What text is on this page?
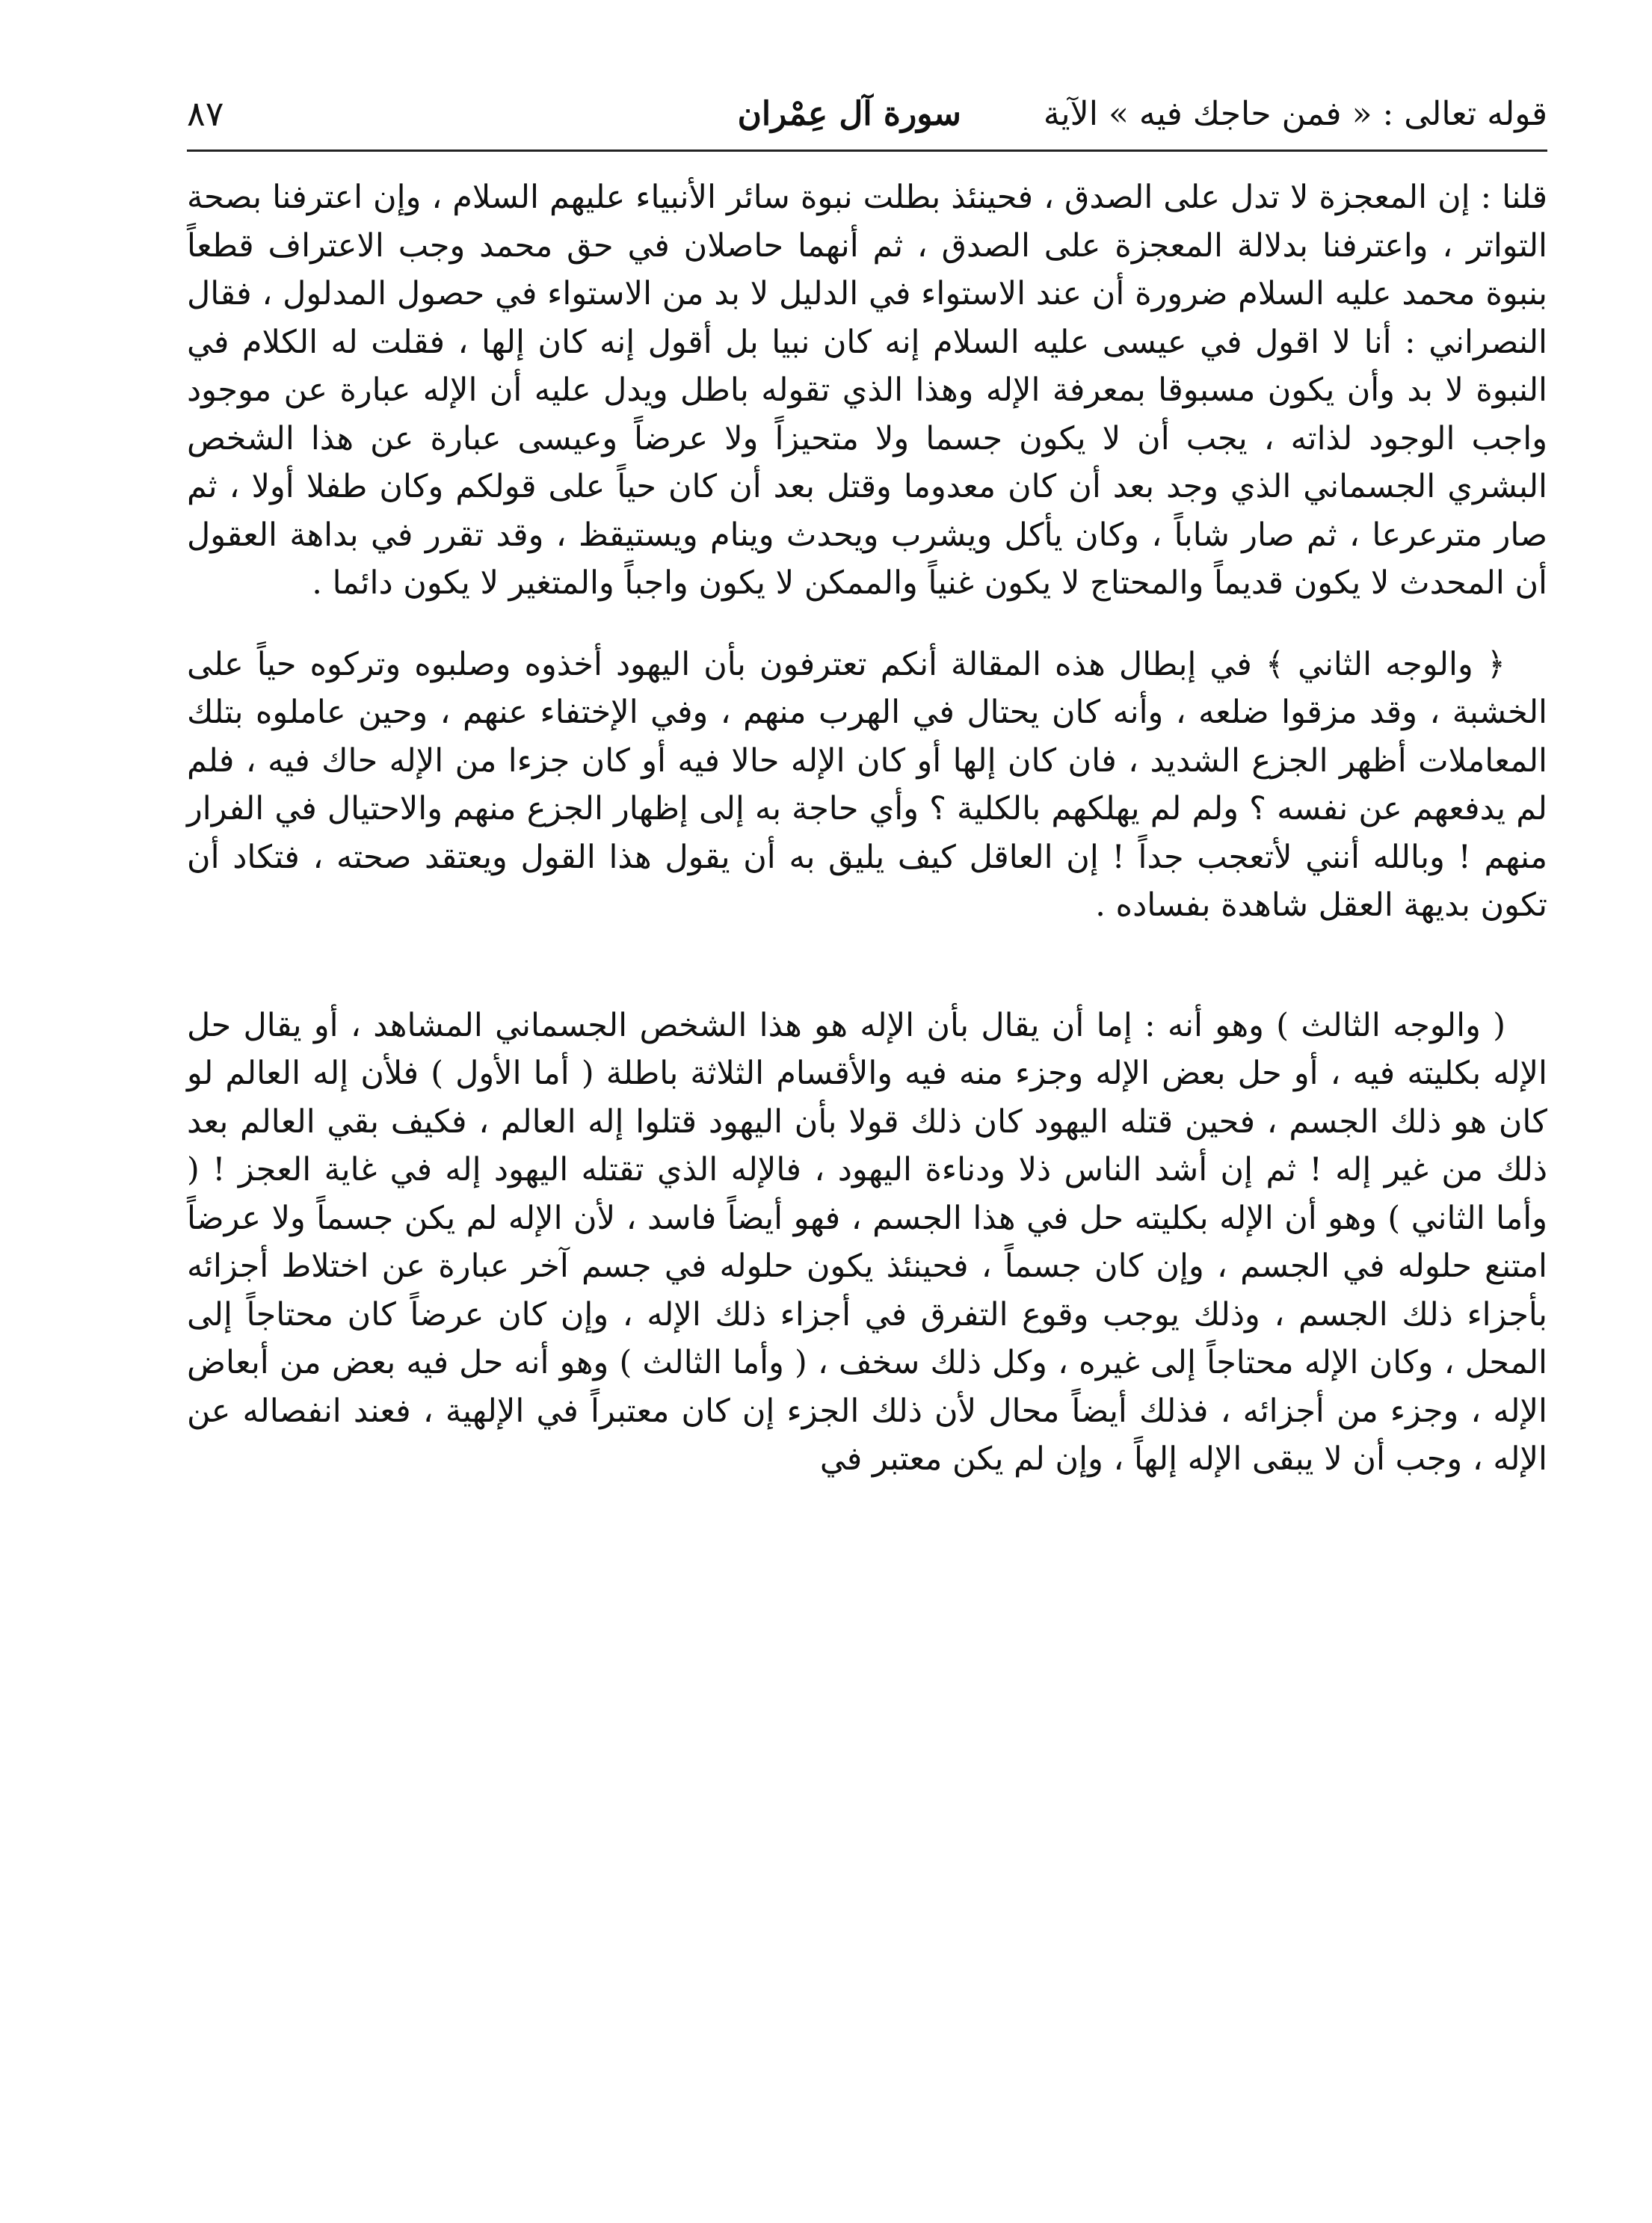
قوله تعالى : « فمن حاجك فيه » الآية
سورة آل عِمْران
٨٧

قلنا : إن المعجزة لا تدل على الصدق ، فحينئذ بطلت نبوة سائر الأنبياء عليهم السلام ، وإن اعترفنا بصحة التواتر ، واعترفنا بدلالة المعجزة على الصدق ، ثم أنهما حاصلان في حق محمد وجب الاعتراف قطعاً بنبوة محمد عليه السلام ضرورة أن عند الاستواء في الدليل لا بد من الاستواء في حصول المدلول ، فقال النصراني : أنا لا اقول في عيسى عليه السلام إنه كان نبيا بل أقول إنه كان إلها ، فقلت له الكلام في النبوة لا بد وأن يكون مسبوقا بمعرفة الإله وهذا الذي تقوله باطل ويدل عليه أن الإله عبارة عن موجود واجب الوجود لذاته ، يجب أن لا يكون جسما ولا متحيزاً ولا عرضاً وعيسى عبارة عن هذا الشخص البشري الجسماني الذي وجد بعد أن كان معدوما وقتل بعد أن كان حياً على قولكم وكان طفلا أولا ، ثم صار مترعرعا ، ثم صار شاباً ، وكان يأكل ويشرب ويحدث وينام ويستيقظ ، وقد تقرر في بداهة العقول أن المحدث لا يكون قديماً والمحتاج لا يكون غنياً والممكن لا يكون واجباً والمتغير لا يكون دائما .

﴿ والوجه الثاني ﴾ في إبطال هذه المقالة أنكم تعترفون بأن اليهود أخذوه وصلبوه وتركوه حياً على الخشبة ، وقد مزقوا ضلعه ، وأنه كان يحتال في الهرب منهم ، وفي الإختفاء عنهم ، وحين عاملوه بتلك المعاملات أظهر الجزع الشديد ، فان كان إلها أو كان الإله حالا فيه أو كان جزءا من الإله حاك فيه ، فلم لم يدفعهم عن نفسه ؟ ولم لم يهلكهم بالكلية ؟ وأي حاجة به إلى إظهار الجزع منهم والاحتيال في الفرار منهم ! وبالله أنني لأتعجب جداً ! إن العاقل كيف يليق به أن يقول هذا القول ويعتقد صحته ، فتكاد أن تكون بديهة العقل شاهدة بفساده .

( والوجه الثالث ) وهو أنه : إما أن يقال بأن الإله هو هذا الشخص الجسماني المشاهد ، أو يقال حل الإله بكليته فيه ، أو حل بعض الإله وجزء منه فيه والأقسام الثلاثة باطلة ( أما الأول ) فلأن إله العالم لو كان هو ذلك الجسم ، فحين قتله اليهود كان ذلك قولا بأن اليهود قتلوا إله العالم ، فكيف بقي العالم بعد ذلك من غير إله ! ثم إن أشد الناس ذلا ودناءة اليهود ، فالإله الذي تقتله اليهود إله في غاية العجز ! ( وأما الثاني ) وهو أن الإله بكليته حل في هذا الجسم ، فهو أيضاً فاسد ، لأن الإله لم يكن جسماً ولا عرضاً امتنع حلوله في الجسم ، وإن كان جسماً ، فحينئذ يكون حلوله في جسم آخر عبارة عن اختلاط أجزائه بأجزاء ذلك الجسم ، وذلك يوجب وقوع التفرق في أجزاء ذلك الإله ، وإن كان عرضاً كان محتاجاً إلى المحل ، وكان الإله محتاجاً إلى غيره ، وكل ذلك سخف ، ( وأما الثالث ) وهو أنه حل فيه بعض من أبعاض الإله ، وجزء من أجزائه ، فذلك أيضاً محال لأن ذلك الجزء إن كان معتبراً في الإلهية ، فعند انفصاله عن الإله ، وجب أن لا يبقى الإله إلهاً ، وإن لم يكن معتبر في
